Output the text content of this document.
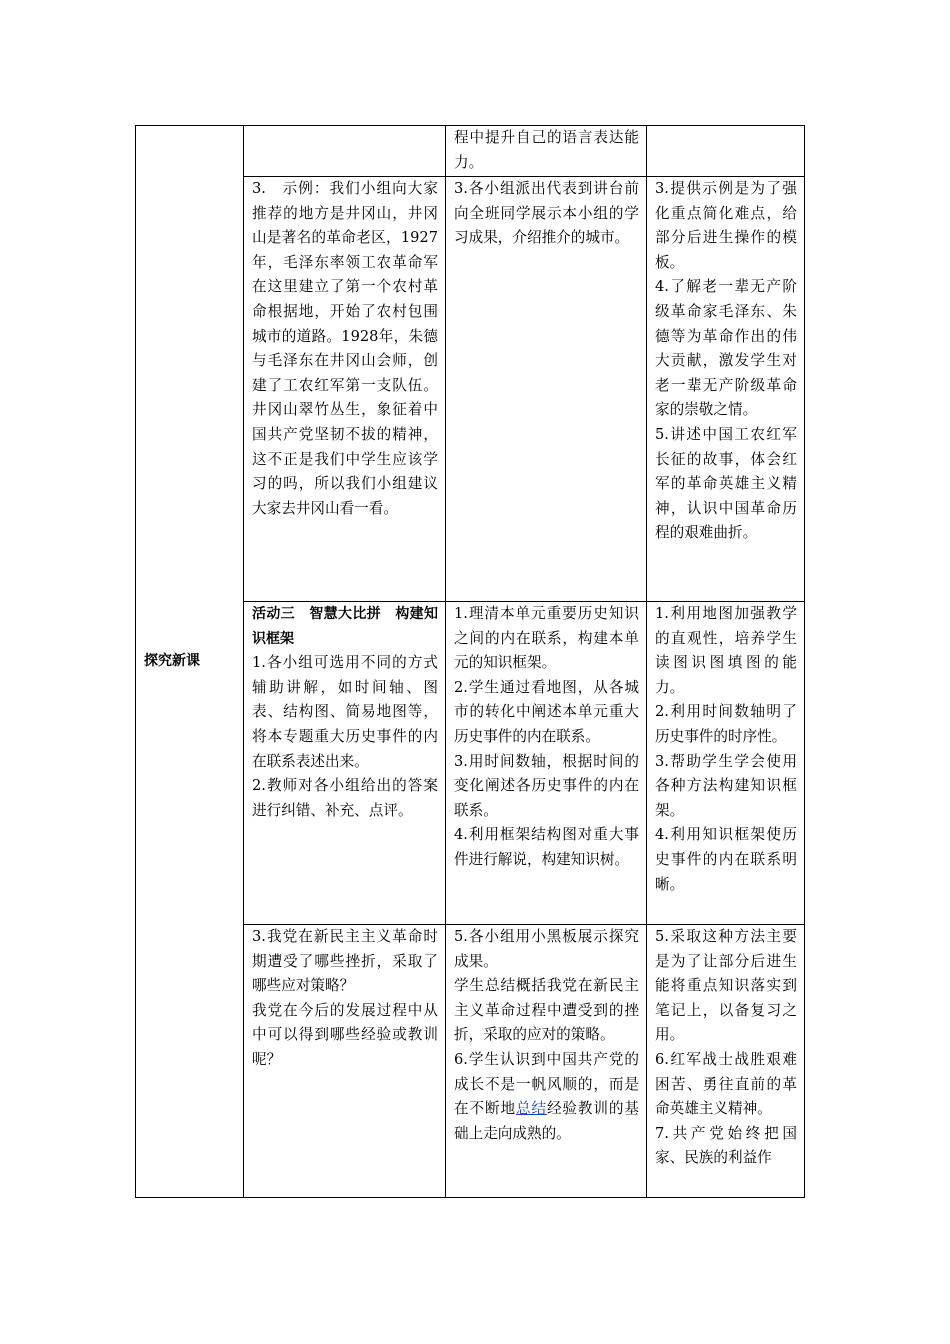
探究新课		程中提升自己的语言表达能力。	

	3.　示例：我们小组向大家推荐的地方是井冈山，井冈山是著名的革命老区，1927年，毛泽东率领工农革命军在这里建立了第一个农村革命根据地，开始了农村包围城市的道路。1928年，朱德与毛泽东在井冈山会师，创建了工农红军第一支队伍。井冈山翠竹丛生，象征着中国共产党坚韧不拔的精神，这不正是我们中学生应该学习的吗，所以我们小组建议大家去井冈山看一看。	3.各小组派出代表到讲台前向全班同学展示本小组的学习成果，介绍推介的城市。	3.提供示例是为了强化重点简化难点，给部分后进生操作的模板。
4.了解老一辈无产阶级革命家毛泽东、朱德等为革命作出的伟大贡献，激发学生对老一辈无产阶级革命家的崇敬之情。
5.讲述中国工农红军长征的故事，体会红军的革命英雄主义精神，认识中国革命历程的艰难曲折。

	活动三　智慧大比拼　构建知识框架
1.各小组可选用不同的方式辅助讲解，如时间轴、图表、结构图、简易地图等，将本专题重大历史事件的内在联系表述出来。
2.教师对各小组给出的答案进行纠错、补充、点评。	1.理清本单元重要历史知识之间的内在联系，构建本单元的知识框架。
2.学生通过看地图，从各城市的转化中阐述本单元重大历史事件的内在联系。
3.用时间数轴，根据时间的变化阐述各历史事件的内在联系。
4.利用框架结构图对重大事件进行解说，构建知识树。	1.利用地图加强教学的直观性，培养学生读图识图填图的能力。
2.利用时间数轴明了历史事件的时序性。
3.帮助学生学会使用各种方法构建知识框架。
4.利用知识框架使历史事件的内在联系明晰。

	3.我党在新民主主义革命时期遭受了哪些挫折，采取了哪些应对策略？
我党在今后的发展过程中从中可以得到哪些经验或教训呢？	5.各小组用小黑板展示探究成果。
学生总结概括我党在新民主主义革命过程中遭受到的挫折，采取的应对的策略。
6.学生认识到中国共产党的成长不是一帆风顺的，而是在不断地总结经验教训的基础上走向成熟的。	5.采取这种方法主要是为了让部分后进生能将重点知识落实到笔记上，以备复习之用。
6.红军战士战胜艰难困苦、勇往直前的革命英雄主义精神。
7.共产党始终把国家、民族的利益作
